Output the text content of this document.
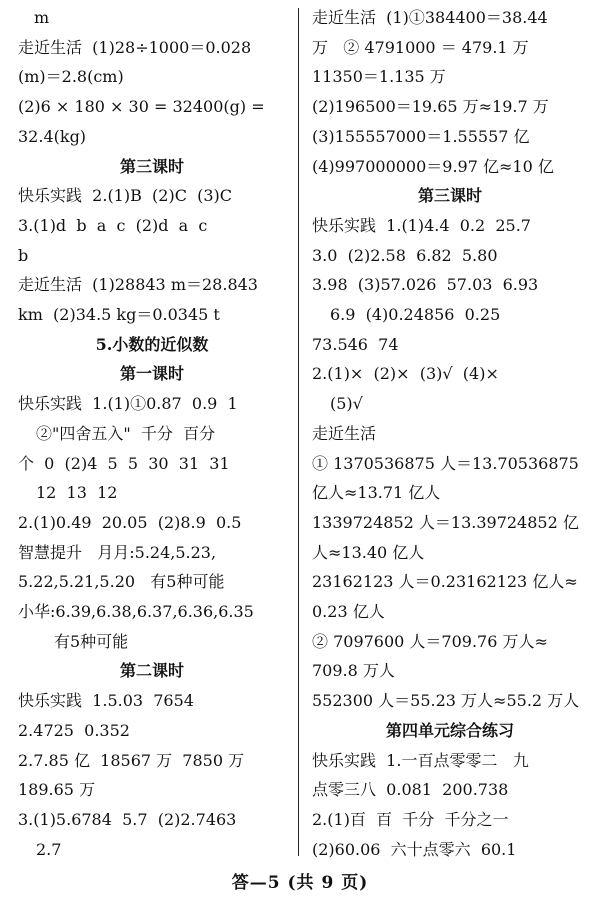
m
走近生活  (1)28÷1000＝0.028
(m)＝2.8(cm)
(2)6 × 180 × 30 = 32400(g) =
32.4(kg)
第三课时
快乐实践  2.(1)B  (2)C  (3)C
3.(1)d  b  a  c  (2)d  a  c
b
走近生活  (1)28843 m＝28.843
km  (2)34.5 kg＝0.0345 t
5.小数的近似数
第一课时
快乐实践  1.(1)①0.87  0.9  1
②"四舍五入"  千分  百分
个  0  (2)4  5  5  30  31  31
12  13  12
2.(1)0.49  20.05  (2)8.9  0.5
智慧提升   月月:5.24,5.23,
5.22,5.21,5.20   有5种可能
小华:6.39,6.38,6.37,6.36,6.35
有5种可能
第二课时
快乐实践  1.5.03  7654
2.4725  0.352
2.7.85 亿  18567 万  7850 万
189.65 万
3.(1)5.6784  5.7  (2)2.7463
2.7
走近生活  (1)①384400＝38.44
万   ② 4791000 ＝ 479.1 万
11350＝1.135 万
(2)196500＝19.65 万≈19.7 万
(3)155557000＝1.55557 亿
(4)997000000＝9.97 亿≈10 亿
第三课时
快乐实践  1.(1)4.4  0.2  25.7
3.0  (2)2.58  6.82  5.80
3.98  (3)57.026  57.03  6.93
6.9  (4)0.24856  0.25
73.546  74
2.(1)×  (2)×  (3)√  (4)×
(5)√
走近生活
① 1370536875 人＝13.70536875
亿人≈13.71 亿人
1339724852 人＝13.39724852 亿
人≈13.40 亿人
23162123 人＝0.23162123 亿人≈
0.23 亿人
② 7097600 人＝709.76 万人≈
709.8 万人
552300 人＝55.23 万人≈55.2 万人
第四单元综合练习
快乐实践  1.一百点零零二   九
点零三八  0.081  200.738
2.(1)百  百  千分  千分之一
(2)60.06  六十点零六  60.1
答—5 (共 9 页)
